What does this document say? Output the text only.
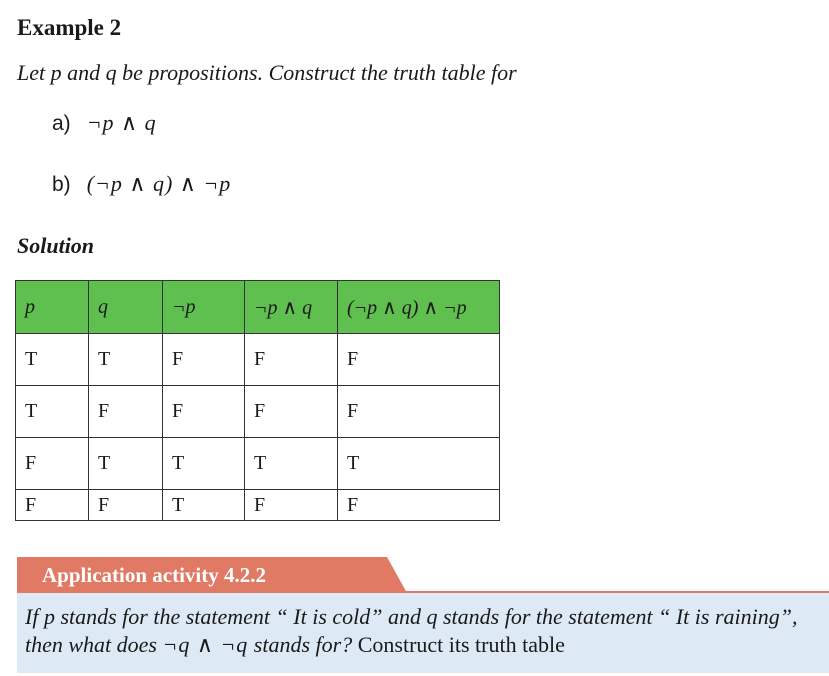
Example 2
Let p and q be propositions. Construct the truth table for
a) ¬p ∧ q
b) (¬p ∧ q) ∧ ¬p
Solution
p	q	¬p	¬p ∧ q	(¬p ∧ q) ∧ ¬p
T	T	F	F	F
T	F	F	F	F
F	T	T	T	T
F	F	T	F	F
Application activity 4.2.2
If p stands for the statement “ It is cold” and q stands for the statement “ It is raining”, then what does ¬q ∧ ¬q stands for? Construct its truth table
